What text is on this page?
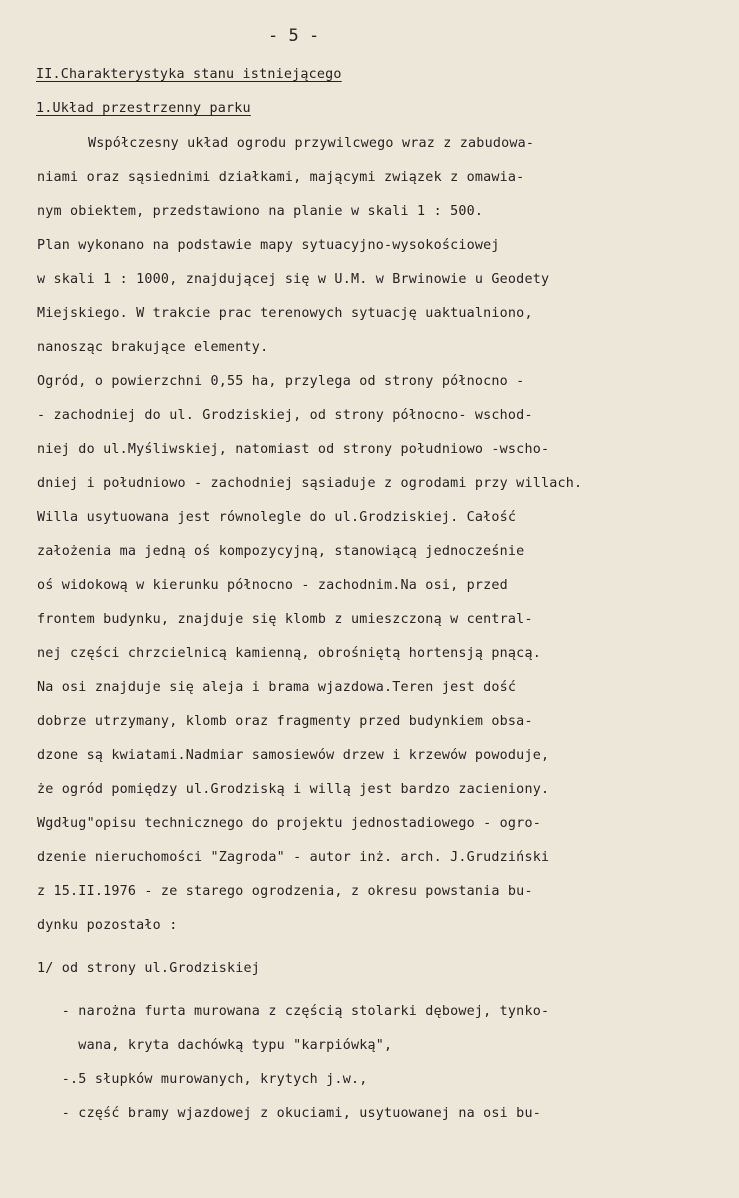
- 5 -
II.Charakterystyka stanu istniejącego
1.Układ przestrzenny parku
Współczesny układ ogrodu przywilcwego wraz z zabudowa-
niami oraz sąsiednimi działkami, mającymi związek z omawia-
nym obiektem, przedstawiono na planie w skali 1 : 500.
Plan wykonano na podstawie mapy sytuacyjno-wysokościowej
w skali 1 : 1000, znajdującej się w U.M. w Brwinowie u Geodety
Miejskiego. W trakcie prac terenowych sytuację uaktualniono,
nanosząc brakujące elementy.
Ogród, o powierzchni 0,55 ha, przylega od strony północno -
- zachodniej do ul. Grodziskiej, od strony północno- wschod-
niej do ul.Myśliwskiej, natomiast od strony południowo -wscho-
dniej i południowo - zachodniej sąsiaduje z ogrodami przy willach.
Willa usytuowana jest równolegle do ul.Grodziskiej. Całość
założenia ma jedną oś kompozycyjną, stanowiącą jednocześnie
oś widokową w kierunku północno - zachodnim.Na osi, przed
frontem budynku, znajduje się klomb z umieszczoną w central-
nej części chrzcielnicą kamienną, obrośniętą hortensją pnącą.
Na osi znajduje się aleja i brama wjazdowa.Teren jest dość
dobrze utrzymany, klomb oraz fragmenty przed budynkiem obsa-
dzone są kwiatami.Nadmiar samosiewów drzew i krzewów powoduje,
że ogród pomiędzy ul.Grodziską i willą jest bardzo zacieniony.
Wgdług"opisu technicznego do projektu jednostadiowego - ogro-
dzenie nieruchomości "Zagroda" - autor inż. arch. J.Grudziński
z 15.II.1976 - ze starego ogrodzenia, z okresu powstania bu-
dynku pozostało :
1/ od strony ul.Grodziskiej
- narożna furta murowana z częścią stolarki dębowej, tynko-
wana, kryta dachówką typu "karpiówką",
-.5 słupków murowanych, krytych j.w.,
- część bramy wjazdowej z okuciami, usytuowanej na osi bu-
